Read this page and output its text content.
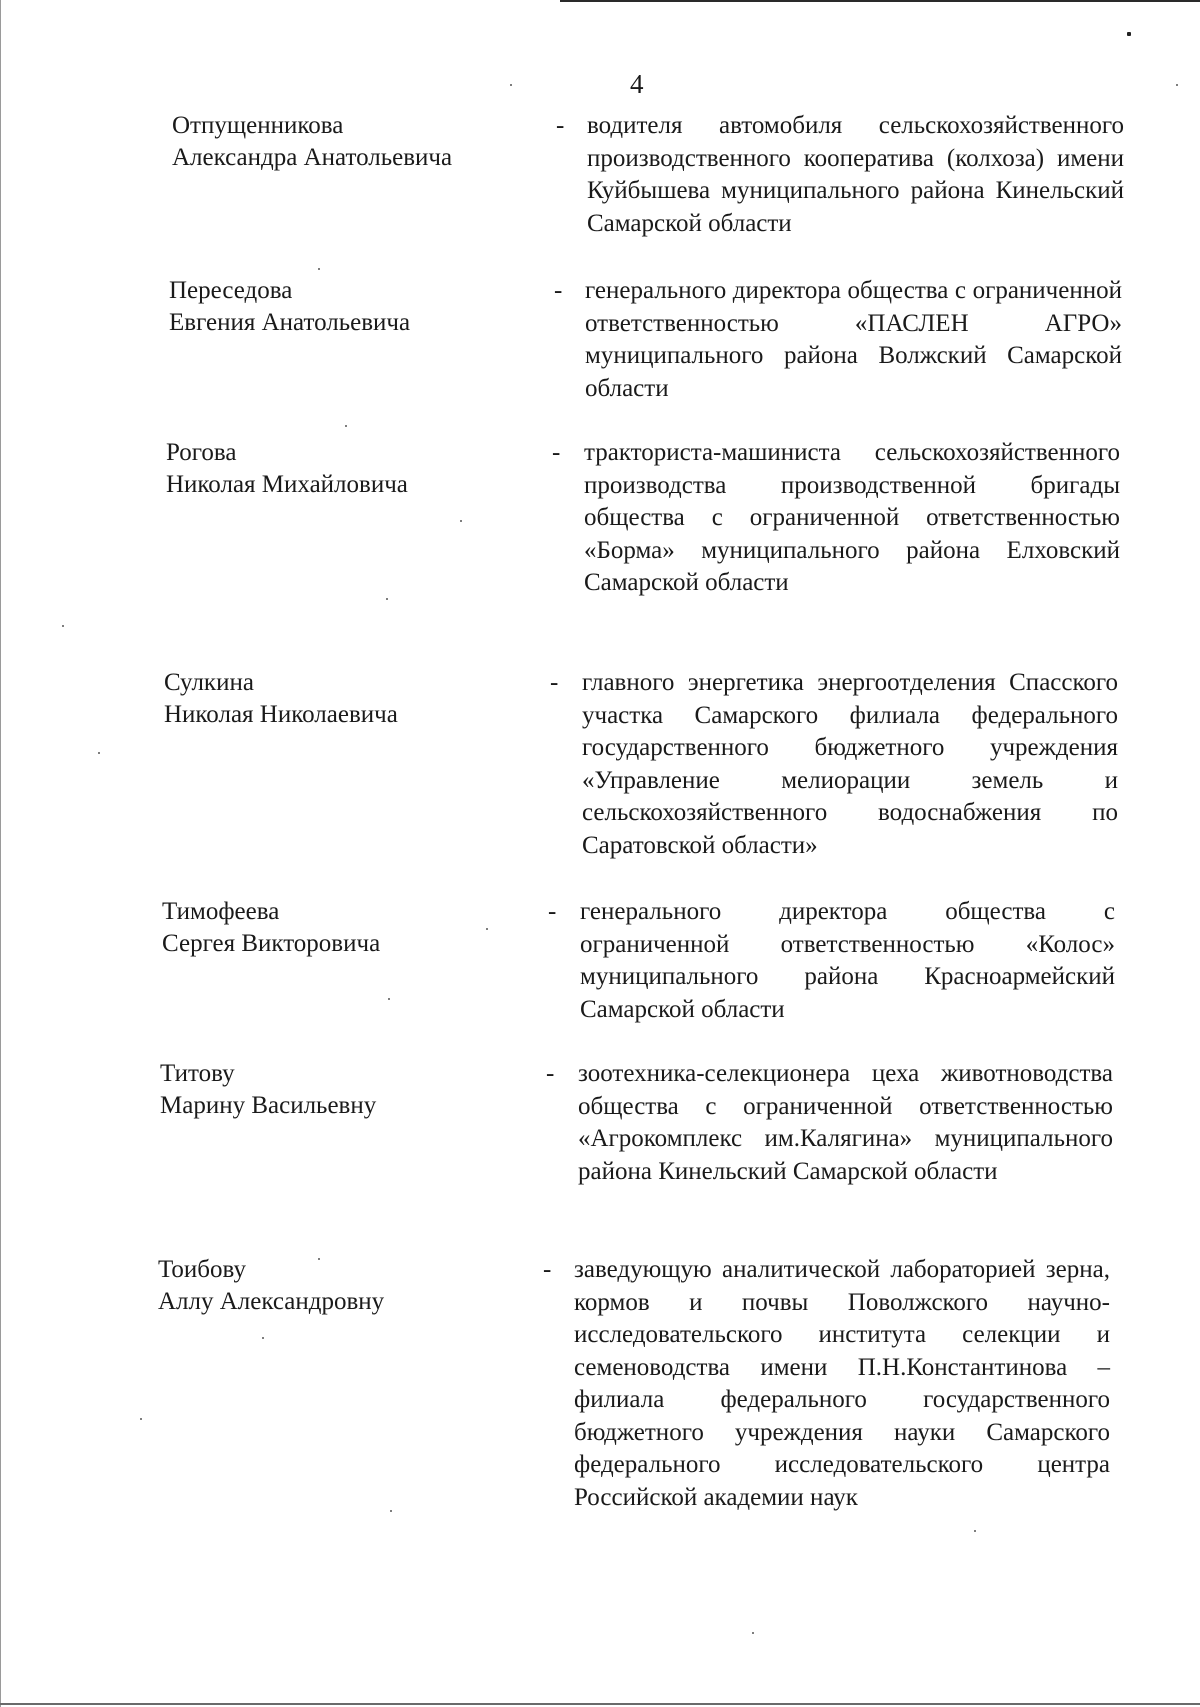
4
Отпущенникова
Александра Анатольевича
- водителя автомобиля сельскохозяйственного производственного кооператива (колхоза) имени Куйбышева муниципального района Кинельский Самарской области
Переседова
Евгения Анатольевича
- генерального директора общества с ограниченной ответственностью «ПАСЛЕН АГРО» муниципального района Волжский Самарской области
Рогова
Николая Михайловича
- тракториста-машиниста сельскохозяйственного производства производственной бригады общества с ограниченной ответственностью «Борма» муниципального района Елховский Самарской области
Сулкина
Николая Николаевича
- главного энергетика энергоотделения Спасского участка Самарского филиала федерального государственного бюджетного учреждения «Управление мелиорации земель и сельскохозяйственного водоснабжения по Саратовской области»
Тимофеева
Сергея Викторовича
- генерального директора общества с ограниченной ответственностью «Колос» муниципального района Красноармейский Самарской области
Титову
Марину Васильевну
- зоотехника-селекционера цеха животноводства общества с ограниченной ответственностью «Агрокомплекс им.Калягина» муниципального района Кинельский Самарской области
Тоибову
Аллу Александровну
- заведующую аналитической лабораторией зерна, кормов и почвы Поволжского научно-исследовательского института селекции и семеноводства имени П.Н.Константинова – филиала федерального государственного бюджетного учреждения науки Самарского федерального исследовательского центра Российской академии наук
